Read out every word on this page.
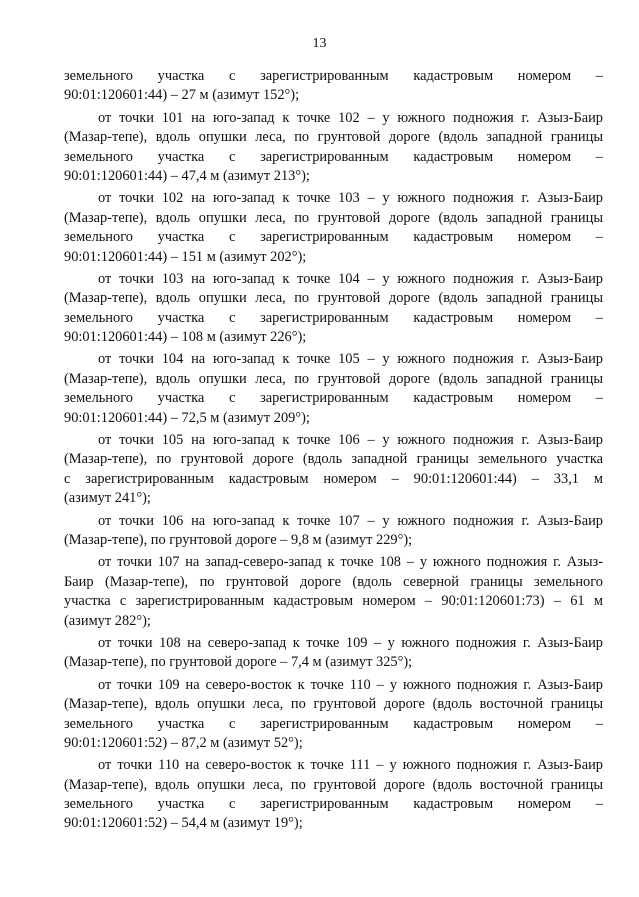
13
земельного участка с зарегистрированным кадастровым номером –
90:01:120601:44) – 27 м (азимут 152°);
от точки 101 на юго-запад к точке 102 – у южного подножия г. Азыз-Баир
(Мазар-тепе), вдоль опушки леса, по грунтовой дороге (вдоль западной границы
земельного участка с зарегистрированным кадастровым номером –
90:01:120601:44) – 47,4 м (азимут 213°);
от точки 102 на юго-запад к точке 103 – у южного подножия г. Азыз-Баир
(Мазар-тепе), вдоль опушки леса, по грунтовой дороге (вдоль западной границы
земельного участка с зарегистрированным кадастровым номером –
90:01:120601:44) – 151 м (азимут 202°);
от точки 103 на юго-запад к точке 104 – у южного подножия г. Азыз-Баир
(Мазар-тепе), вдоль опушки леса, по грунтовой дороге (вдоль западной границы
земельного участка с зарегистрированным кадастровым номером –
90:01:120601:44) – 108 м (азимут 226°);
от точки 104 на юго-запад к точке 105 – у южного подножия г. Азыз-Баир
(Мазар-тепе), вдоль опушки леса, по грунтовой дороге (вдоль западной границы
земельного участка с зарегистрированным кадастровым номером –
90:01:120601:44) – 72,5 м (азимут 209°);
от точки 105 на юго-запад к точке 106 – у южного подножия г. Азыз-Баир
(Мазар-тепе), по грунтовой дороге (вдоль западной границы земельного участка
с зарегистрированным кадастровым номером – 90:01:120601:44) – 33,1 м
(азимут 241°);
от точки 106 на юго-запад к точке 107 – у южного подножия г. Азыз-Баир
(Мазар-тепе), по грунтовой дороге – 9,8 м (азимут 229°);
от точки 107 на запад-северо-запад к точке 108 – у южного подножия г. Азыз-
Баир (Мазар-тепе), по грунтовой дороге (вдоль северной границы земельного
участка с зарегистрированным кадастровым номером – 90:01:120601:73) – 61 м
(азимут 282°);
от точки 108 на северо-запад к точке 109 – у южного подножия г. Азыз-Баир
(Мазар-тепе), по грунтовой дороге – 7,4 м (азимут 325°);
от точки 109 на северо-восток к точке 110 – у южного подножия г. Азыз-Баир
(Мазар-тепе), вдоль опушки леса, по грунтовой дороге (вдоль восточной границы
земельного участка с зарегистрированным кадастровым номером –
90:01:120601:52) – 87,2 м (азимут 52°);
от точки 110 на северо-восток к точке 111 – у южного подножия г. Азыз-Баир
(Мазар-тепе), вдоль опушки леса, по грунтовой дороге (вдоль восточной границы
земельного участка с зарегистрированным кадастровым номером –
90:01:120601:52) – 54,4 м (азимут 19°);
